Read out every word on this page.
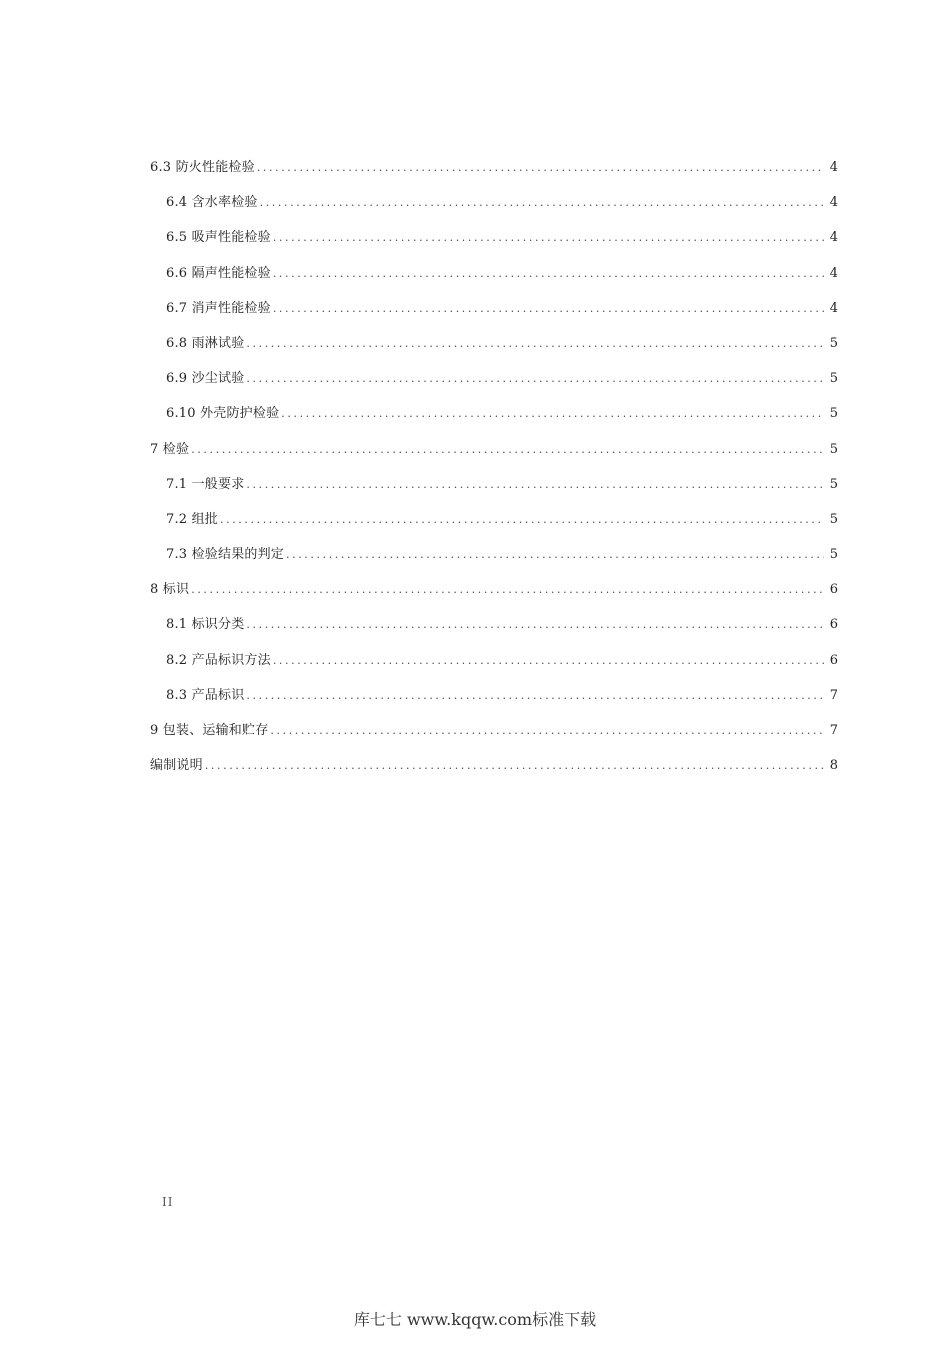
6.3 防火性能检验 .....	4
6.4 含水率检验 .....	4
6.5 吸声性能检验 .....	4
6.6 隔声性能检验 .....	4
6.7 消声性能检验 .....	4
6.8 雨淋试验 .....	5
6.9 沙尘试验 .....	5
6.10 外壳防护检验 .....	5
7 检验 .....	5
7.1 一般要求 .....	5
7.2 组批 .....	5
7.3 检验结果的判定 .....	5
8 标识 .....	6
8.1 标识分类 .....	6
8.2 产品标识方法 .....	6
8.3 产品标识 .....	7
9 包装、运输和贮存 .....	7
编制说明 .....	8
II
库七七 www.kqqw.com标准下载
